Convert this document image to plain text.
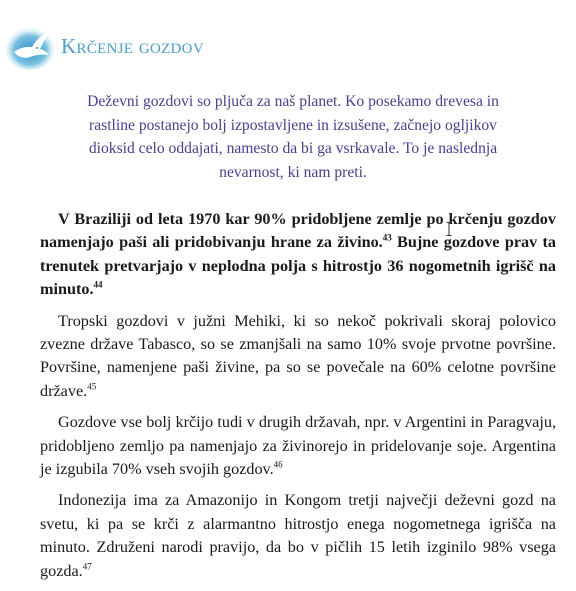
Krčenje gozdov
Deževni gozdovi so pljuča za naš planet. Ko posekamo drevesa in rastline postanejo bolj izpostavljene in izsušene, začnejo ogljikov dioksid celo oddajati, namesto da bi ga vsrkavale. To je naslednja nevarnost, ki nam preti.

V Braziliji od leta 1970 kar 90% pridobljene zemlje po krčenju gozdov namenjajo paši ali pridobivanju hrane za živino.$^{43}$ Bujne gozdove prav ta trenutek pretvarjajo v neplodna polja s hitrostjo 36 nogometnih igrišč na minuto.$^{44}$

Tropski gozdovi v južni Mehiki, ki so nekoč pokrivali skoraj polovico zvezne države Tabasco, so se zmanjšali na samo 10% svoje prvotne površine. Površine, namenjene paši živine, pa so se povečale na 60% celotne površine države.$^{45}$

Gozdove vse bolj krčijo tudi v drugih državah, npr. v Argentini in Paragvaju, pridobljeno zemljo pa namenjajo za živinorejo in pridelovanje soje. Argentina je izgubila 70% vseh svojih gozdov.$^{46}$

Indonezija ima za Amazonijo in Kongom tretji največji deževni gozd na svetu, ki pa se krči z alarmantno hitrostjo enega nogometnega igrišča na minuto. Združeni narodi pravijo, da bo v pičlih 15 letih izginilo 98% vsega gozda.$^{47}$
